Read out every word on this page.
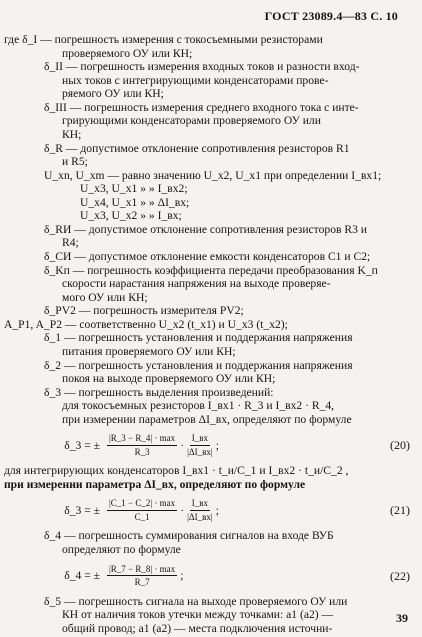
ГОСТ 23089.4—83 С. 10
где δ_I — погрешность измерения с токосъемными резисторами
проверяемого ОУ или КН;
δ_II — погрешность измерения входных токов и разности вход-
ных токов с интегрирующими конденсаторами прове-
ряемого ОУ или КН;
δ_III — погрешность измерения среднего входного тока с интe-
грирующими конденсаторами проверяемого ОУ или
КН;
δ_R — допустимое отклонение сопротивления резисторов R1
и R5;
U_xn, U_xm — равно значению U_x2, U_x1 при определении I_вх1;
U_x3, U_x1 » » I_вх2;
U_x4, U_x1 » » ΔI_вх;
U_x3, U_x2 » » I_вх;
δ_RИ — допустимое отклонение сопротивления резисторов R3 и
R4;
δ_CИ — допустимое отклонение емкости конденсаторов C1 и C2;
δ_Kп — погрешность коэффициента передачи преобразования K_п
скорости нарастания напряжения на выходе проверяе-
мого ОУ или КН;
δ_PV2 — погрешность измерителя PV2;
A_P1, A_P2 — соответственно U_x2 (t_x1) и U_x3 (t_x2);
δ_1 — погрешность установления и поддержания напряжения
питания проверяемого ОУ или КН;
δ_2 — погрешность установления и поддержания напряжения
покоя на выходе проверяемого ОУ или КН;
δ_3 — погрешность выделения произведений:
для токосъемных резисторов I_вх1 · R_3 и I_вх2 · R_4,
при измерении параметров ΔI_вх, определяют по формуле
δ_3 = ± $\frac{|R\_3 - R\_4| \cdot \max}{R\_3} \cdot \frac{I\_вх}{|\Delta I\_вх|}$ ;	(20)
для интегрирующих конденсаторов I_вх1 · t_и/C_1 и I_вх2 · t_и/C_2 ,
при измерении параметра ΔI_вх, определяют по формуле
δ_3 = ± $\frac{|C\_1 - C\_2| \cdot \max}{C\_1} \cdot \frac{I\_вх}{|\Delta I\_вх|}$ ;	(21)
δ_4 — погрешность суммирования сигналов на входе ВУБ
определяют по формуле
δ_4 = ± $\frac{|R\_7 - R\_8| \cdot \max}{R\_7}$ ;	(22)
δ_5 — погрешность сигнала на выходе проверяемого ОУ или
КН от наличия токов утечки между точками: a1 (a2) —
общий провод; a1 (a2) — места подключения источни-
39
